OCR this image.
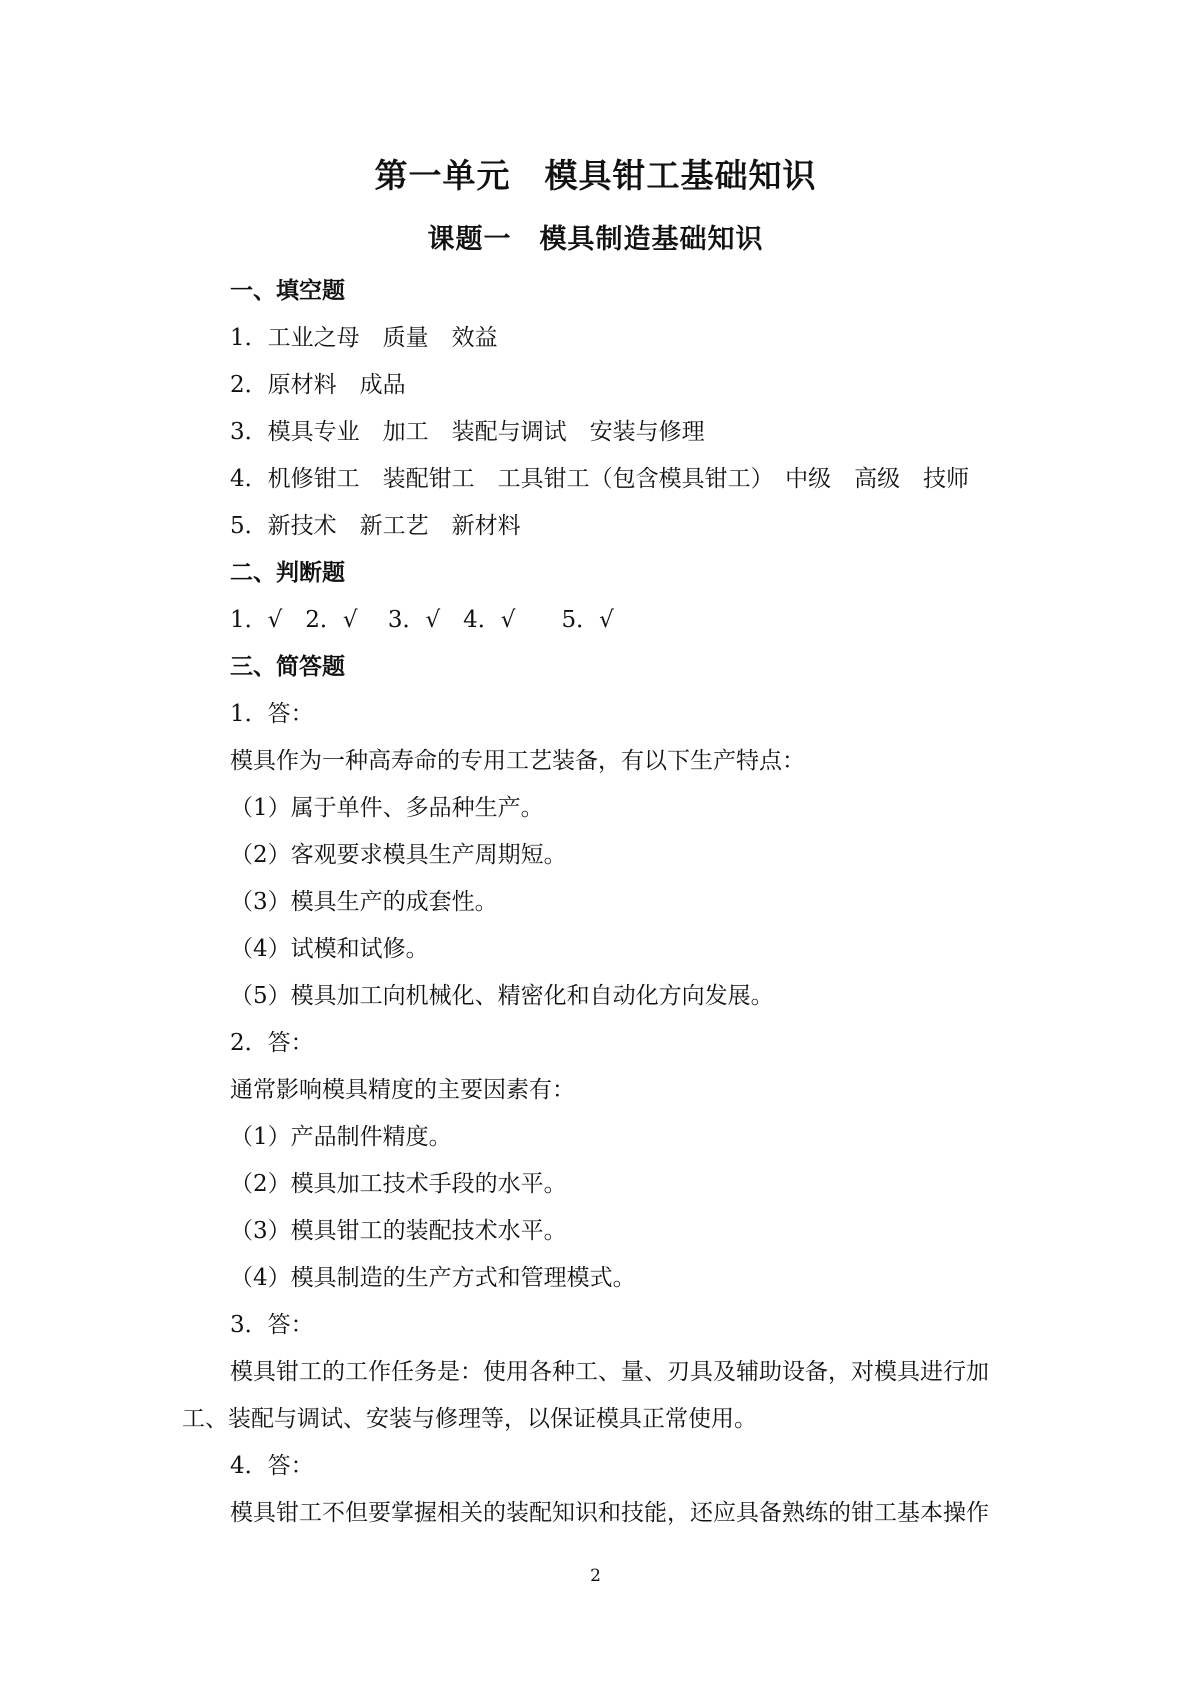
第一单元　模具钳工基础知识
课题一　模具制造基础知识
一、填空题
1．工业之母　质量　效益
2．原材料　成品
3．模具专业　加工　装配与调试　安装与修理
4．机修钳工　装配钳工　工具钳工（包含模具钳工）　中级　高级　技师
5．新技术　新工艺　新材料
二、判断题
1．√　2．√　 3．√　4．√　　5．√
三、简答题
1．答：
模具作为一种高寿命的专用工艺装备，有以下生产特点：
（1）属于单件、多品种生产。
（2）客观要求模具生产周期短。
（3）模具生产的成套性。
（4）试模和试修。
（5）模具加工向机械化、精密化和自动化方向发展。
2．答：
通常影响模具精度的主要因素有：
（1）产品制件精度。
（2）模具加工技术手段的水平。
（3）模具钳工的装配技术水平。
（4）模具制造的生产方式和管理模式。
3．答：
模具钳工的工作任务是：使用各种工、量、刃具及辅助设备，对模具进行加
工、装配与调试、安装与修理等，以保证模具正常使用。
4．答：
模具钳工不但要掌握相关的装配知识和技能，还应具备熟练的钳工基本操作
2
